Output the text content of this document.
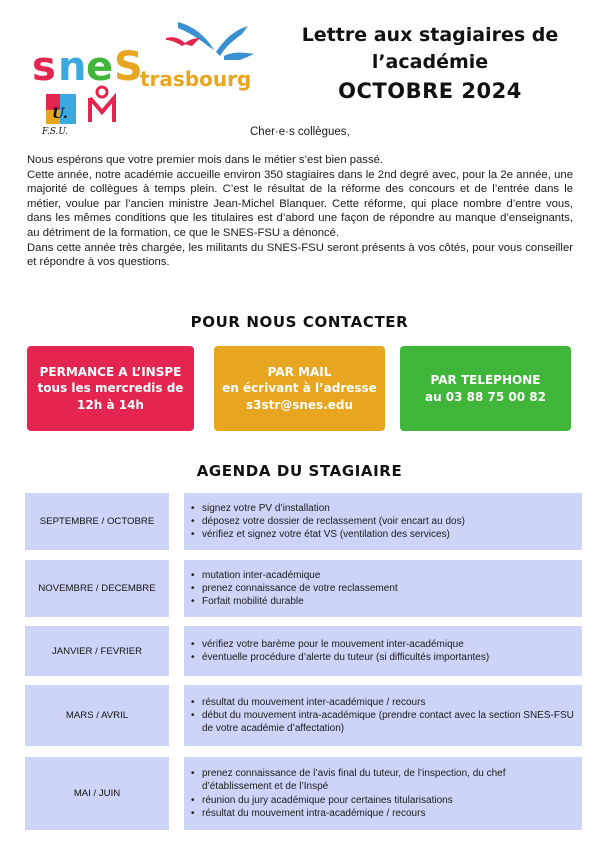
s n e S
trasbourg
U.
F.S.U.
Lettre aux stagiaires de
l’académie
OCTOBRE 2024
Cher·e·s collègues,

Nous espérons que votre premier mois dans le métier s’est bien passé.

Cette année, notre académie accueille environ 350 stagiaires dans le 2nd degré avec, pour la 2e année, une majorité de collègues à temps plein. C’est le résultat de la réforme des concours et de l’entrée dans le métier, voulue par l’ancien ministre Jean-Michel Blanquer. Cette réforme, qui place nombre d’entre vous, dans les mêmes conditions que les titulaires est d’abord une façon de répondre au manque d’enseignants, au détriment de la formation, ce que le SNES-FSU a dénoncé.

Dans cette année très chargée, les militants du SNES-FSU seront présents à vos côtés, pour vous conseiller et répondre à vos questions.

POUR NOUS CONTACTER
PERMANCE A L’INSPE
tous les mercredis de
12h à 14h
PAR MAIL
en écrivant à l’adresse
s3str@snes.edu
PAR TELEPHONE
au 03 88 75 00 82
AGENDA DU STAGIAIRE
SEPTEMBRE / OCTOBRE
• signez votre PV d’installation
• déposez votre dossier de reclassement (voir encart au dos)
• vérifiez et signez votre état VS (ventilation des services)
NOVEMBRE / DECEMBRE
• mutation inter-académique
• prenez connaissance de votre reclassement
• Forfait mobilité durable
JANVIER / FEVRIER
• vérifiez votre barème pour le mouvement inter-académique
• éventuelle procédure d’alerte du tuteur (si difficultés importantes)
MARS / AVRIL
• résultat du mouvement inter-académique / recours
• début du mouvement intra-académique (prendre contact avec la section SNES-FSU de votre académie d’affectation)
MAI / JUIN
• prenez connaissance de l’avis final du tuteur, de l’inspection, du chef d’établissement et de l’Inspé
• réunion du jury académique pour certaines titularisations
• résultat du mouvement intra-académique / recours
